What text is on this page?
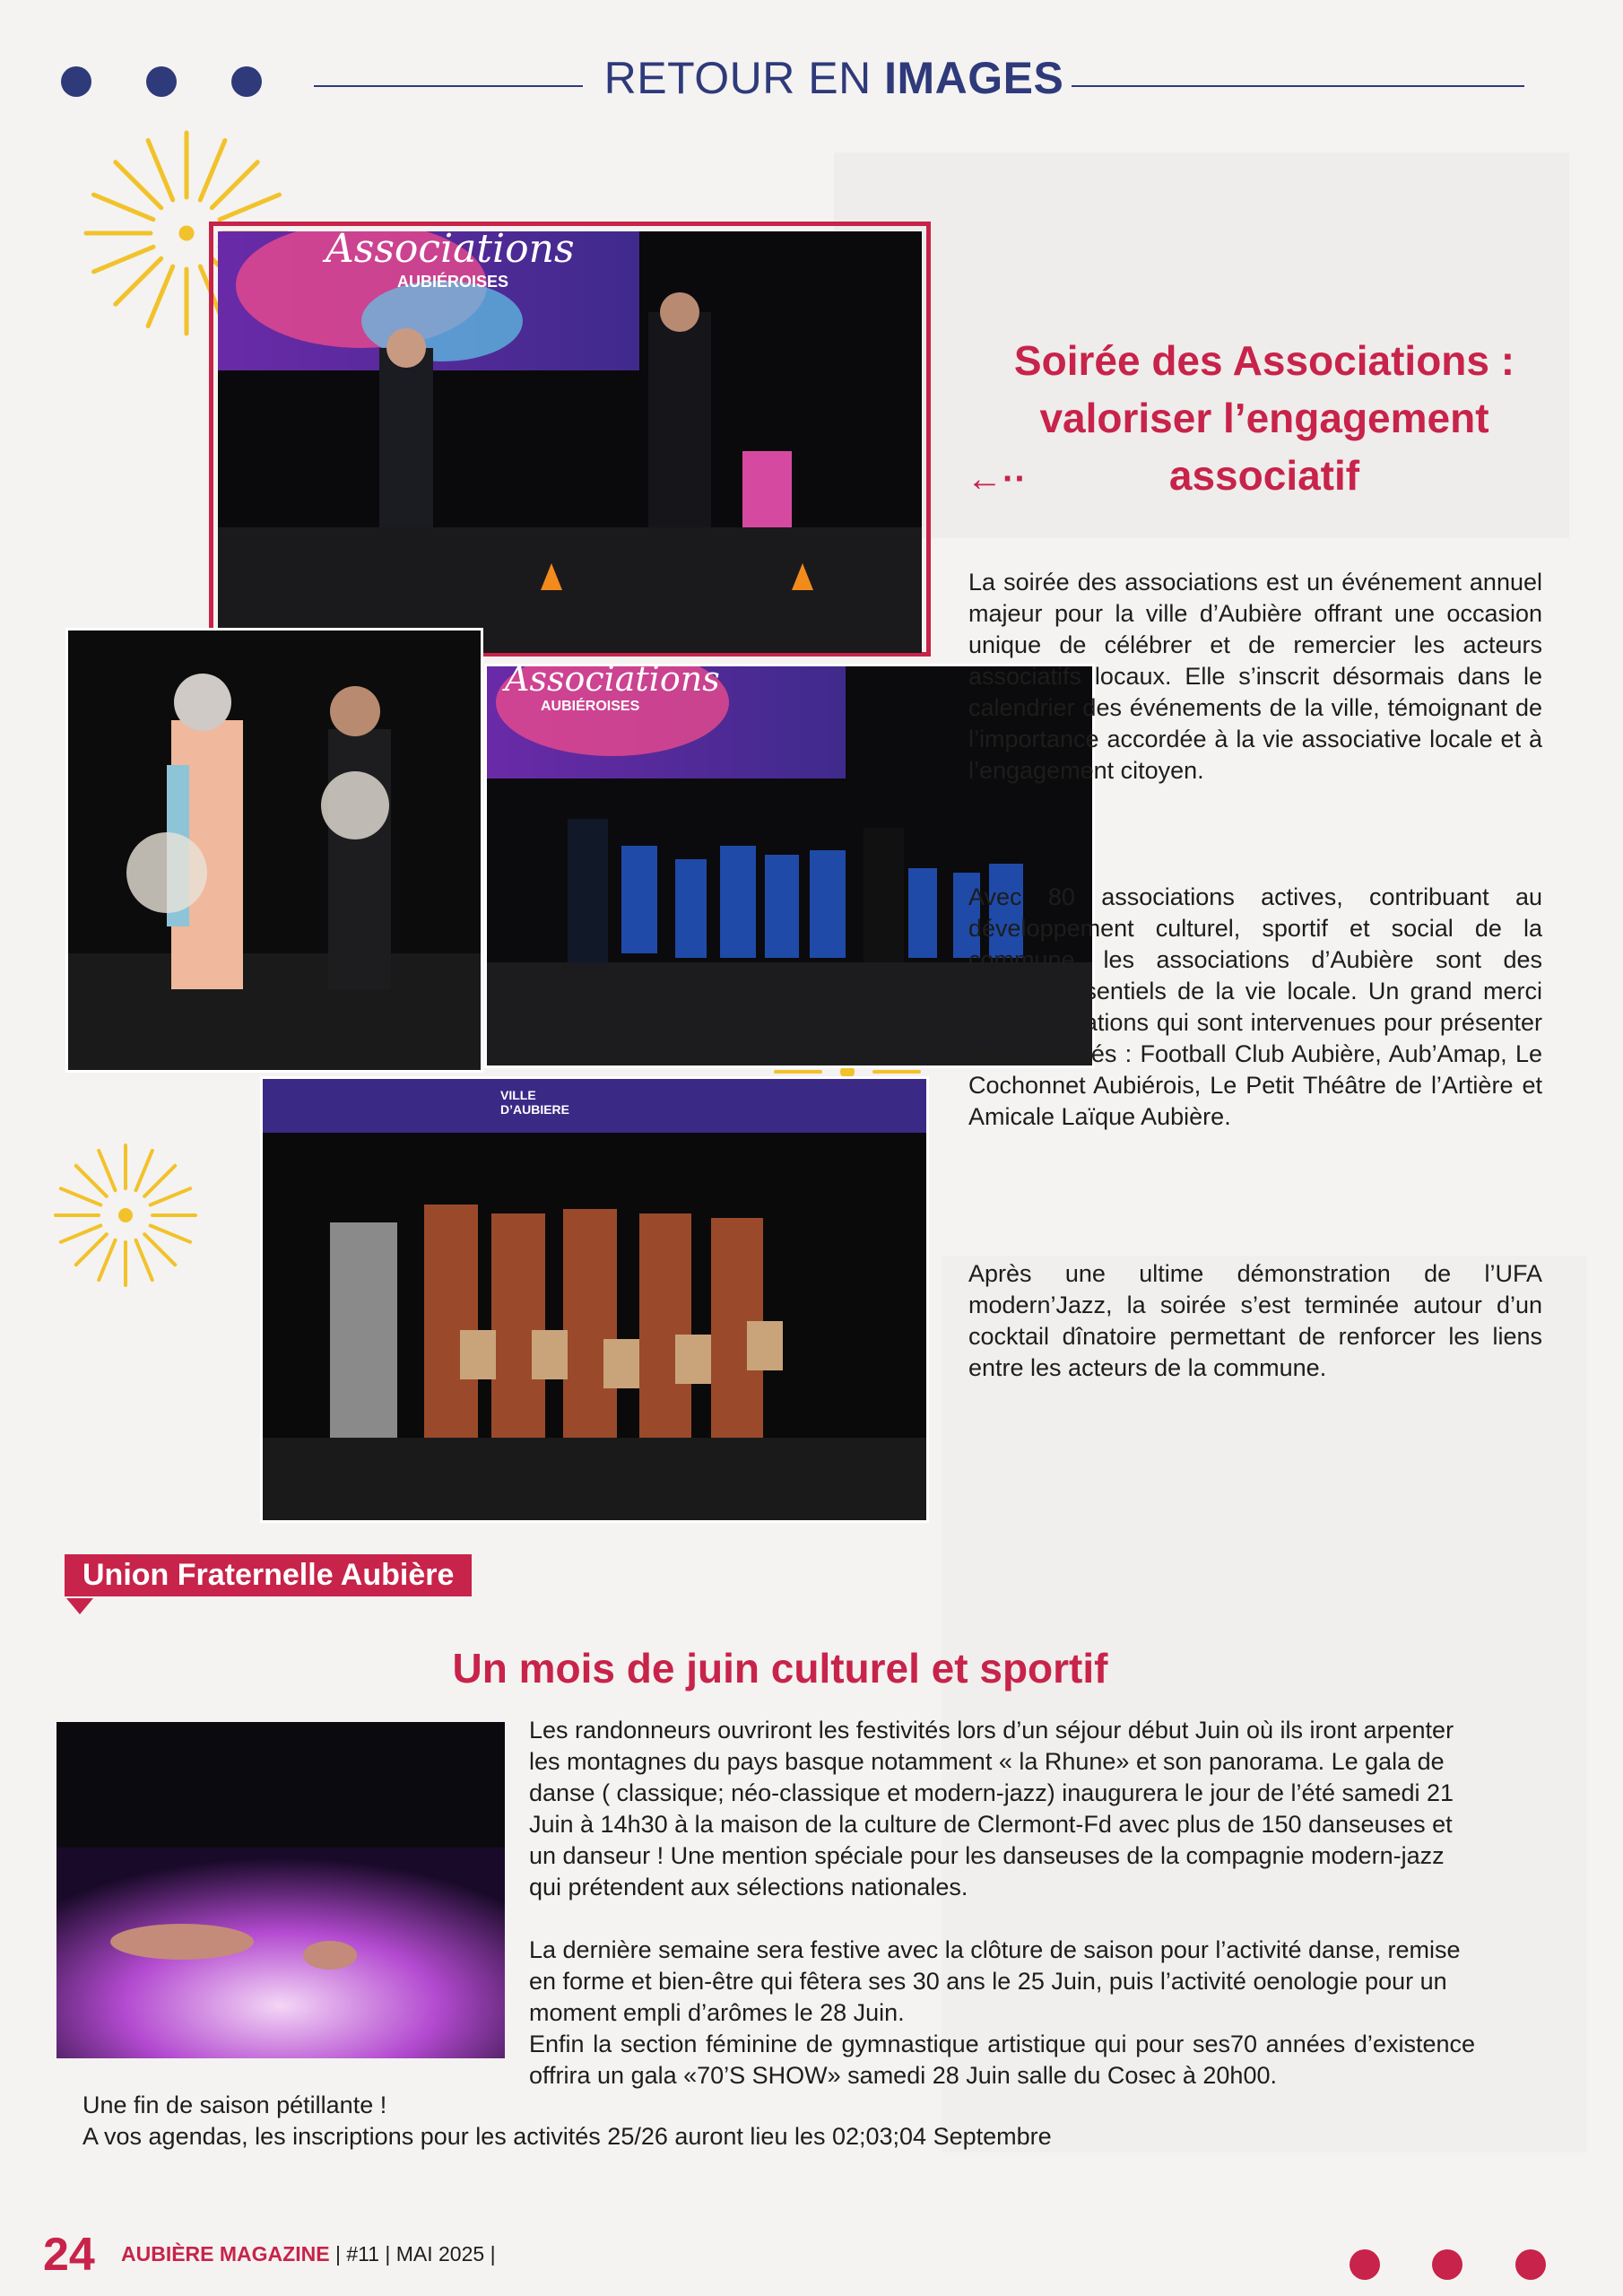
RETOUR EN IMAGES
Associations
AUBIÉROISES
Associations
AUBIÉROISES
VILLE D’AUBIERE
Soirée des Associations :
valoriser l’engagement
←··	associatif

La soirée des associations est un événement annuel majeur pour la ville d’Aubière offrant une occasion unique de célébrer et de remercier les acteurs associatifs locaux. Elle s’inscrit désormais dans le calendrier des événements de la ville, témoignant de l’importance accordée à la vie associative locale et à l’engagement citoyen.

Avec 80 associations actives, contribuant au développement culturel, sportif et social de la commune, les associations d’Aubière sont des acteurs essentiels de la vie locale. Un grand merci aux associations qui sont intervenues pour présenter leurs activités : Football Club Aubière, Aub’Amap, Le Cochonnet Aubiérois, Le Petit Théâtre de l’Artière et Amicale Laïque Aubière.

Après une ultime démonstration de l’UFA modern’Jazz, la soirée s’est terminée autour d’un cocktail dînatoire permettant de renforcer les liens entre les acteurs de la commune.

Union Fraternelle Aubière
Un mois de juin culturel et sportif

Les randonneurs ouvriront les festivités lors d’un séjour début Juin où ils iront arpenter les montagnes du pays basque notamment « la Rhune» et son panorama. Le gala de danse ( classique; néo-classique et modern-jazz) inaugurera le jour de l’été samedi 21 Juin à 14h30 à la maison de la culture de Clermont-Fd avec plus de 150 danseuses et un danseur ! Une mention spéciale pour les danseuses de la compagnie modern-jazz qui prétendent aux sélections nationales.

La dernière semaine sera festive avec la clôture de saison pour l’activité danse, remise en forme et bien-être qui fêtera ses 30 ans le 25 Juin, puis l’activité oenologie pour un moment empli d’arômes le 28 Juin.

Enfin la section féminine de gymnastique artistique qui pour ses70 années d’existence offrira un gala «70’S SHOW» samedi 28 Juin salle du Cosec à 20h00.

Une fin de saison pétillante !

A vos agendas, les inscriptions pour les activités 25/26 auront lieu les 02;03;04 Septembre

24 AUBIÈRE MAGAZINE | #11 | MAI 2025 |
